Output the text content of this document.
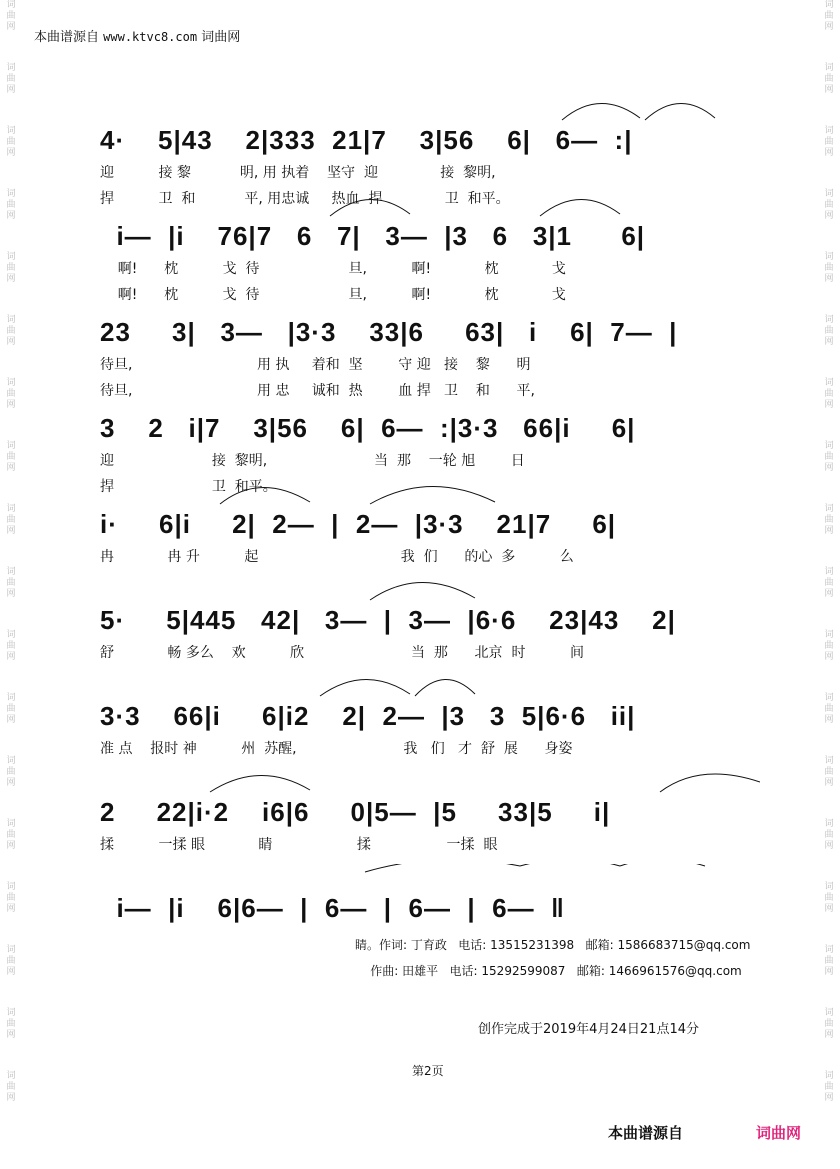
词
曲
网
词
曲
网
词
曲
网
词
曲
网
词
曲
网
词
曲
网
词
曲
网
词
曲
网
词
曲
网
词
曲
网
词
曲
网
词
曲
网
词
曲
网
词
曲
网
词
曲
网
词
曲
网
词
曲
网
词
曲
网
词
曲
网
词
曲
网
词
曲
网
词
曲
网
词
曲
网
词
曲
网
词
曲
网
词
曲
网
词
曲
网
词
曲
网
词
曲
网
词
曲
网
词
曲
网
词
曲
网
词
曲
网
词
曲
网
词
曲
网
词
曲
网
本曲谱源自 www.ktvc8.com 词曲网
4·    5|43    2|333  21|7    3|56    6|   6—  :|
迎          接 黎           明, 用 执着    坚守  迎              接  黎明,
捍          卫  和           平, 用忠诚     热血  捍              卫  和平。
i—  |i    76|7   6   7|   3—  |3   6   3|1      6|
啊!      枕          戈  待                    旦,          啊!            枕            戈
啊!      枕          戈  待                    旦,          啊!            枕            戈
23     3|   3—   |3·3    33|6     63|   i    6|  7—  |
待旦,                            用 执     着和  坚        守 迎   接    黎      明
待旦,                            用 忠     诚和  热        血 捍   卫    和      平,
3    2   i|7    3|56    6|  6—  :|3·3   66|i     6|
迎                      接  黎明,                        当  那    一轮 旭        日
捍                      卫  和平。
i·     6|i     2|  2—  |  2—  |3·3    21|7     6|
冉            冉 升          起                                我  们      的心  多          么
5·     5|445   42|   3—  |  3—  |6·6    23|43    2|
舒            畅 多么    欢          欣                        当  那      北京  时          间
3·3    66|i     6|i2    2|  2—  |3   3  5|6·6   ii|
准 点    报时 神          州  苏醒,                        我   们   才  舒  展      身姿
2     22|i·2    i6|6     0|5—  |5     33|5     i|
揉          一揉 眼            睛                   揉                 一揉  眼
i—  |i    6|6—  |  6—  |  6—  |  6—  ‖
睛。作词: 丁育政   电话: 13515231398   邮箱: 1586683715@qq.com
作曲: 田雄平   电话: 15292599087   邮箱: 1466961576@qq.com
创作完成于2019年4月24日21点14分
第2页
本曲谱源自	词曲网
